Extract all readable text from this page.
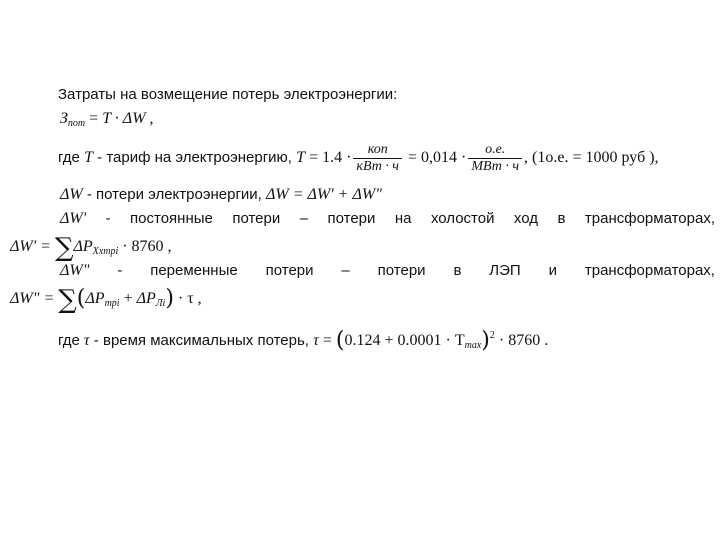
Затраты на возмещение потерь электроэнергии:
$З_{пот} = T \cdot \Delta W$ ,
где T - тариф на электроэнергию, $T = 1.4 \cdot \frac{\text{коп}}{\text{кВт · ч}} = 0,014 \cdot \frac{о.е.}{\text{МВт · ч}}$ , (1о.е. = 1000 руб ),
ΔW - потери электроэнергии, ΔW = ΔW' + ΔW"
ΔW' - постоянные потери – потери на холостой ход в трансформаторах,
$\Delta W' = \sum\Delta P_{Ххтрi} \cdot 8760$ ,
ΔW" - переменные потери – потери в ЛЭП и трансформаторах,
ΔW" = $\sum(\Delta P_{трi} + \Delta P_{Лi}) \cdot \tau$ ,
где τ - время максимальных потерь, $\tau = (0.124 + 0.0001 \cdot T_{max})^2 \cdot 8760$ .
